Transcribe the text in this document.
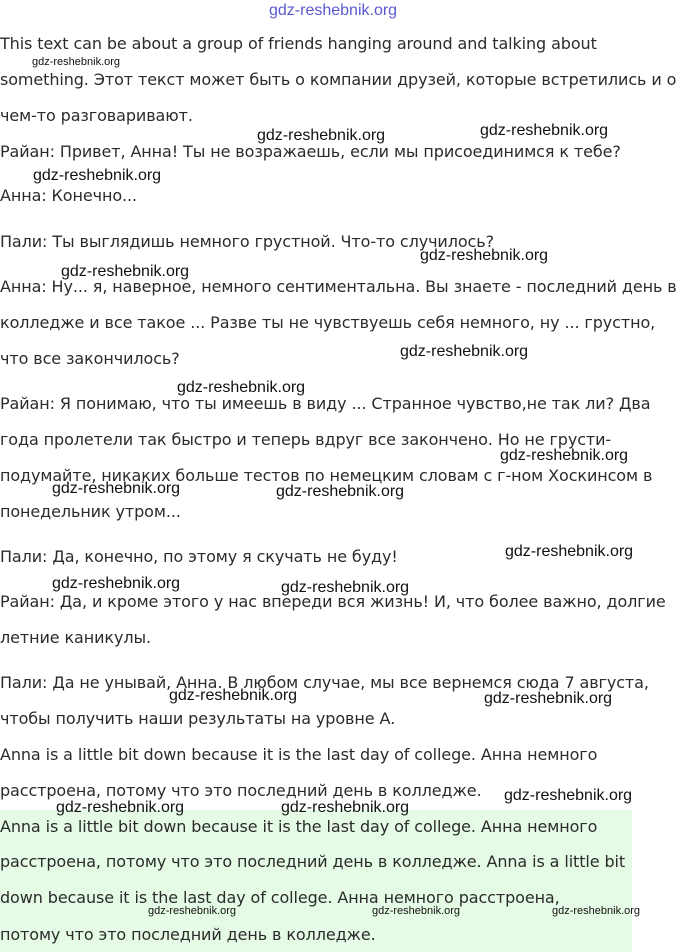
gdz-reshebnik.org
This text can be about a group of friends hanging around and talking about
something. Этот текст может быть о компании друзей, которые встретились и о
чем-то разговаривают.
Райан: Привет, Анна! Ты не возражаешь, если мы присоединимся к тебе?
Анна: Конечно...
Пали: Ты выглядишь немного грустной. Что-то случилось?
Анна: Ну... я, наверное, немного сентиментальна. Вы знаете - последний день в
колледже и все такое ... Разве ты не чувствуешь себя немного, ну ... грустно,
что все закончилось?
Райан: Я понимаю, что ты имеешь в виду ... Странное чувство,не так ли? Два
года пролетели так быстро и теперь вдруг все закончено. Но не грусти-
подумайте, никаких больше тестов по немецким словам с г-ном Хоскинсом в
понедельник утром...
Пали: Да, конечно, по этому я скучать не буду!
Райан: Да, и кроме этого у нас впереди вся жизнь! И, что более важно, долгие
летние каникулы.
Пали: Да не унывай, Анна. В любом случае, мы все вернемся сюда 7 августа,
чтобы получить наши результаты на уровне А.
Anna is a little bit down because it is the last day of college. Анна немного
расстроена, потому что это последний день в колледже.
Anna is a little bit down because it is the last day of college. Анна немного
расстроена, потому что это последний день в колледже. Anna is a little bit
down because it is the last day of college. Анна немного расстроена,
потому что это последний день в колледже.
gdz-reshebnik.org
gdz-reshebnik.org	gdz-reshebnik.org
gdz-reshebnik.org
gdz-reshebnik.org
gdz-reshebnik.org
gdz-reshebnik.org
gdz-reshebnik.org
gdz-reshebnik.org
gdz-reshebnik.org	gdz-reshebnik.org
gdz-reshebnik.org
gdz-reshebnik.org	gdz-reshebnik.org
gdz-reshebnik.org	gdz-reshebnik.org
gdz-reshebnik.org
gdz-reshebnik.org	gdz-reshebnik.org
gdz-reshebnik.org	gdz-reshebnik.org	gdz-reshebnik.org
